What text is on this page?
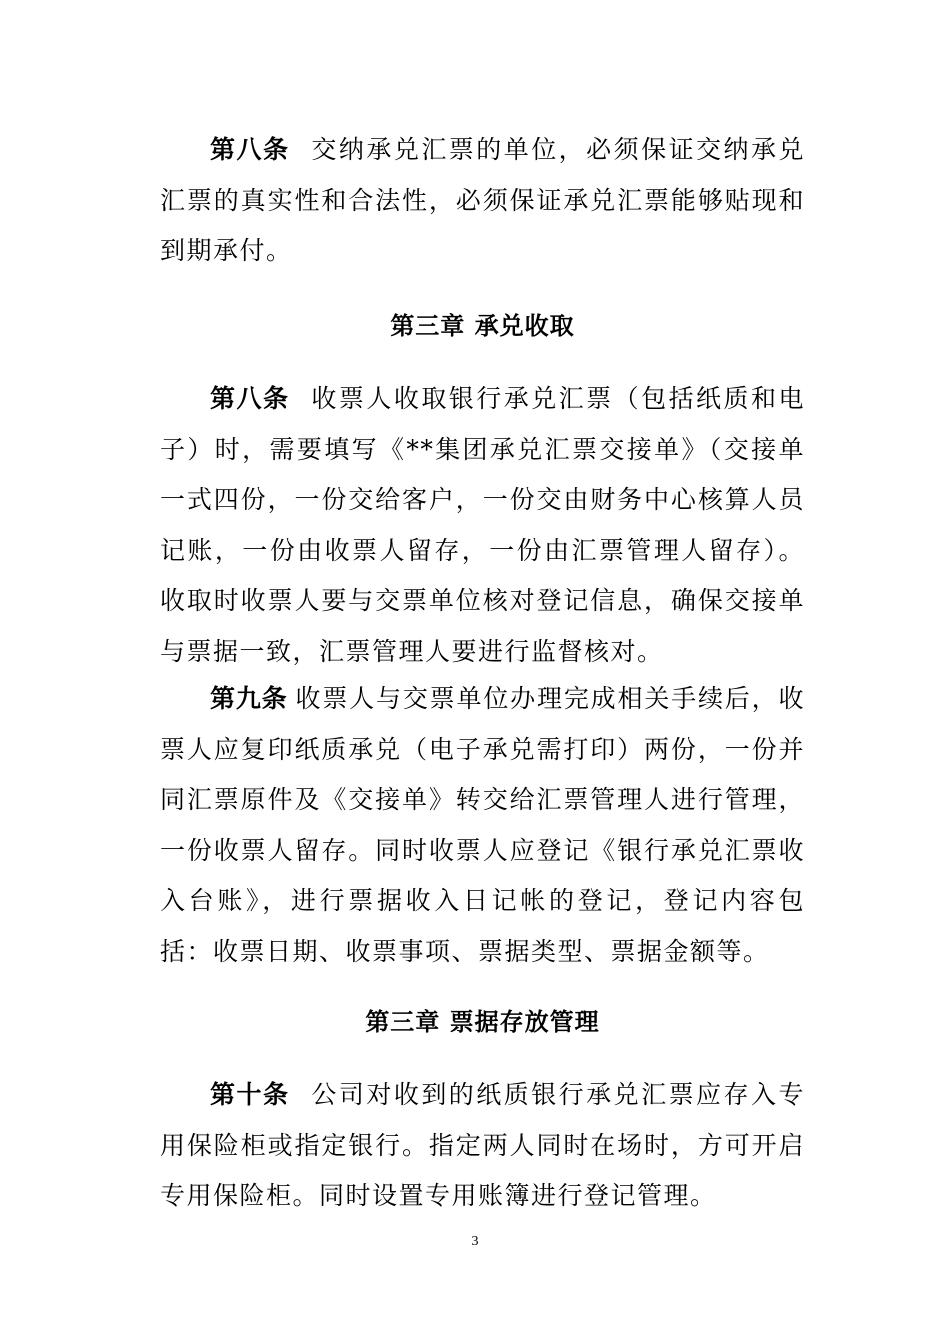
第八条 交纳承兑汇票的单位，必须保证交纳承兑汇票的真实性和合法性，必须保证承兑汇票能够贴现和到期承付。

第三章 承兑收取

第八条 收票人收取银行承兑汇票（包括纸质和电子）时，需要填写《**集团承兑汇票交接单》（交接单一式四份，一份交给客户，一份交由财务中心核算人员记账，一份由收票人留存，一份由汇票管理人留存）。收取时收票人要与交票单位核对登记信息，确保交接单与票据一致，汇票管理人要进行监督核对。

第九条 收票人与交票单位办理完成相关手续后，收票人应复印纸质承兑（电子承兑需打印）两份，一份并同汇票原件及《交接单》转交给汇票管理人进行管理，一份收票人留存。同时收票人应登记《银行承兑汇票收入台账》，进行票据收入日记帐的登记，登记内容包括：收票日期、收票事项、票据类型、票据金额等。

第三章 票据存放管理

第十条 公司对收到的纸质银行承兑汇票应存入专用保险柜或指定银行。指定两人同时在场时，方可开启专用保险柜。同时设置专用账簿进行登记管理。

3
